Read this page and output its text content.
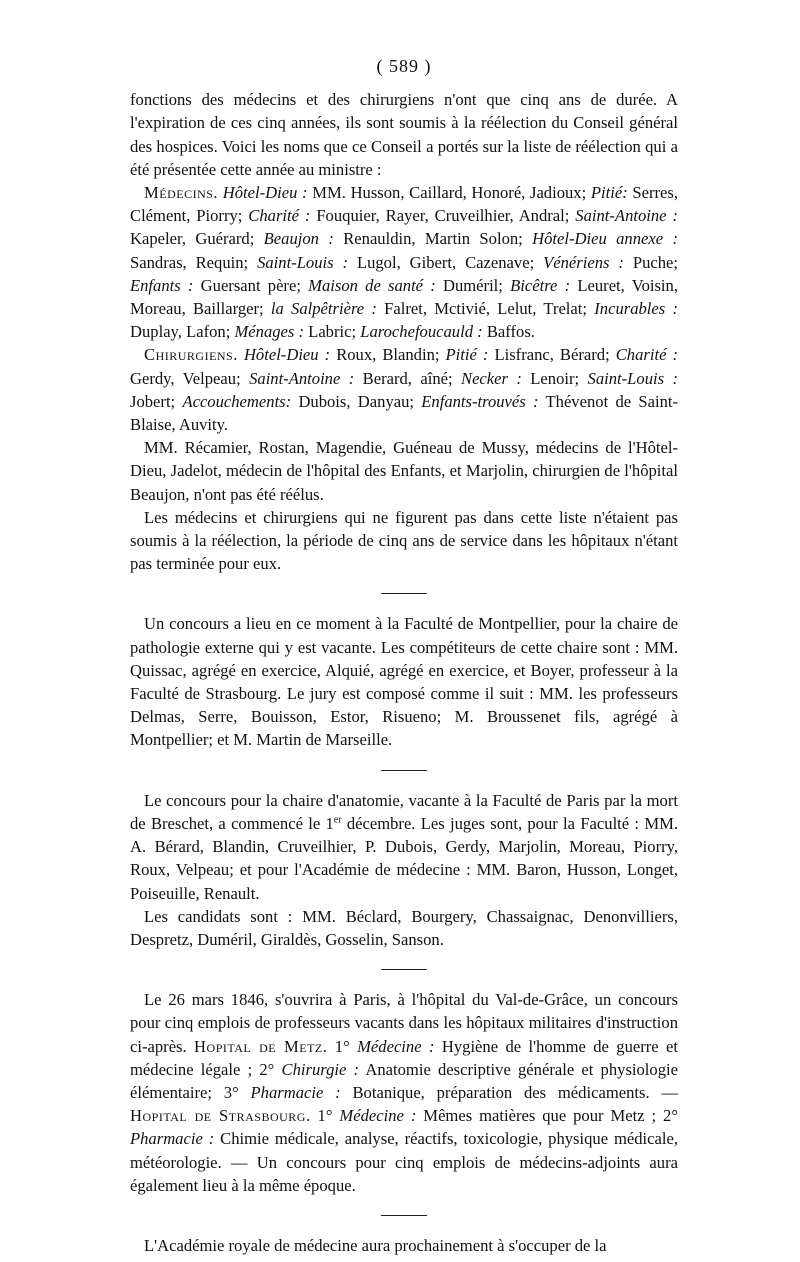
( 589 )

fonctions des médecins et des chirurgiens n'ont que cinq ans de durée. A l'expiration de ces cinq années, ils sont soumis à la réélection du Conseil général des hospices. Voici les noms que ce Conseil a portés sur la liste de réélection qui a été présentée cette année au ministre :

Médecins. Hôtel-Dieu : MM. Husson, Caillard, Honoré, Jadioux; Pitié: Serres, Clément, Piorry; Charité : Fouquier, Rayer, Cruveilhier, Andral; Saint-Antoine : Kapeler, Guérard; Beaujon : Renauldin, Martin Solon; Hôtel-Dieu annexe : Sandras, Requin; Saint-Louis : Lugol, Gibert, Cazenave; Vénériens : Puche; Enfants : Guersant père; Maison de santé : Duméril; Bicêtre : Leuret, Voisin, Moreau, Baillarger; la Salpêtrière : Falret, Mctivié, Lelut, Trelat; Incurables : Duplay, Lafon; Ménages : Labric; Larochefoucauld : Baffos.

Chirurgiens. Hôtel-Dieu : Roux, Blandin; Pitié : Lisfranc, Bérard; Charité : Gerdy, Velpeau; Saint-Antoine : Berard, aîné; Necker : Lenoir; Saint-Louis : Jobert; Accouchements: Dubois, Danyau; Enfants-trouvés : Thévenot de Saint-Blaise, Auvity.

MM. Récamier, Rostan, Magendie, Guéneau de Mussy, médecins de l'Hôtel-Dieu, Jadelot, médecin de l'hôpital des Enfants, et Marjolin, chirurgien de l'hôpital Beaujon, n'ont pas été réélus.

Les médecins et chirurgiens qui ne figurent pas dans cette liste n'étaient pas soumis à la réélection, la période de cinq ans de service dans les hôpitaux n'étant pas terminée pour eux.

Un concours a lieu en ce moment à la Faculté de Montpellier, pour la chaire de pathologie externe qui y est vacante. Les compétiteurs de cette chaire sont : MM. Quissac, agrégé en exercice, Alquié, agrégé en exercice, et Boyer, professeur à la Faculté de Strasbourg. Le jury est composé comme il suit : MM. les professeurs Delmas, Serre, Bouisson, Estor, Risueno; M. Broussenet fils, agrégé à Montpellier; et M. Martin de Marseille.

Le concours pour la chaire d'anatomie, vacante à la Faculté de Paris par la mort de Breschet, a commencé le 1er décembre. Les juges sont, pour la Faculté : MM. A. Bérard, Blandin, Cruveilhier, P. Dubois, Gerdy, Marjolin, Moreau, Piorry, Roux, Velpeau; et pour l'Académie de médecine : MM. Baron, Husson, Longet, Poiseuille, Renault.

Les candidats sont : MM. Béclard, Bourgery, Chassaignac, Denonvilliers, Despretz, Duméril, Giraldès, Gosselin, Sanson.

Le 26 mars 1846, s'ouvrira à Paris, à l'hôpital du Val-de-Grâce, un concours pour cinq emplois de professeurs vacants dans les hôpitaux militaires d'instruction ci-après. Hopital de Metz. 1° Médecine : Hygiène de l'homme de guerre et médecine légale ; 2° Chirurgie : Anatomie descriptive générale et physiologie élémentaire; 3° Pharmacie : Botanique, préparation des médicaments. — Hopital de Strasbourg. 1° Médecine : Mêmes matières que pour Metz ; 2° Pharmacie : Chimie médicale, analyse, réactifs, toxicologie, physique médicale, météorologie. — Un concours pour cinq emplois de médecins-adjoints aura également lieu à la même époque.

L'Académie royale de médecine aura prochainement à s'occuper de la
